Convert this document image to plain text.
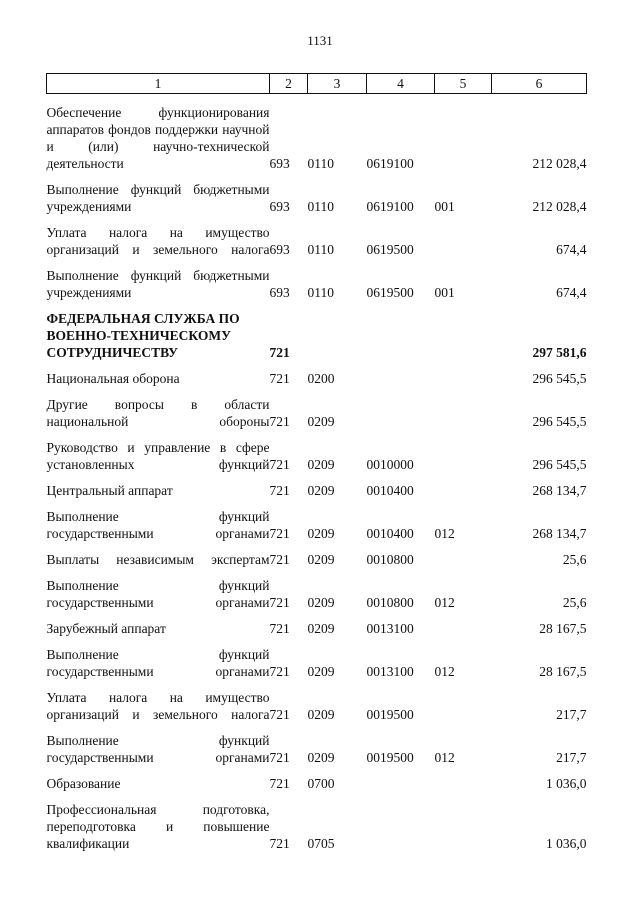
1131
1	2	3	4	5	6
Обеспечение функционирования аппаратов фондов поддержки научной и (или) научно-технической деятельности	693	0110	0619100		212 028,4
Выполнение функций бюджетными учреждениями	693	0110	0619100	001	212 028,4
Уплата налога на имущество организаций и земельного налога	693	0110	0619500		674,4
Выполнение функций бюджетными учреждениями	693	0110	0619500	001	674,4
ФЕДЕРАЛЬНАЯ СЛУЖБА ПО ВОЕННО-ТЕХНИЧЕСКОМУ СОТРУДНИЧЕСТВУ	721				297 581,6
Национальная оборона	721	0200			296 545,5
Другие вопросы в области национальной обороны	721	0209			296 545,5
Руководство и управление в сфере установленных функций	721	0209	0010000		296 545,5
Центральный аппарат	721	0209	0010400		268 134,7
Выполнение функций государственными органами	721	0209	0010400	012	268 134,7
Выплаты независимым экспертам	721	0209	0010800		25,6
Выполнение функций государственными органами	721	0209	0010800	012	25,6
Зарубежный аппарат	721	0209	0013100		28 167,5
Выполнение функций государственными органами	721	0209	0013100	012	28 167,5
Уплата налога на имущество организаций и земельного налога	721	0209	0019500		217,7
Выполнение функций государственными органами	721	0209	0019500	012	217,7
Образование	721	0700			1 036,0
Профессиональная подготовка, переподготовка и повышение квалификации	721	0705			1 036,0
